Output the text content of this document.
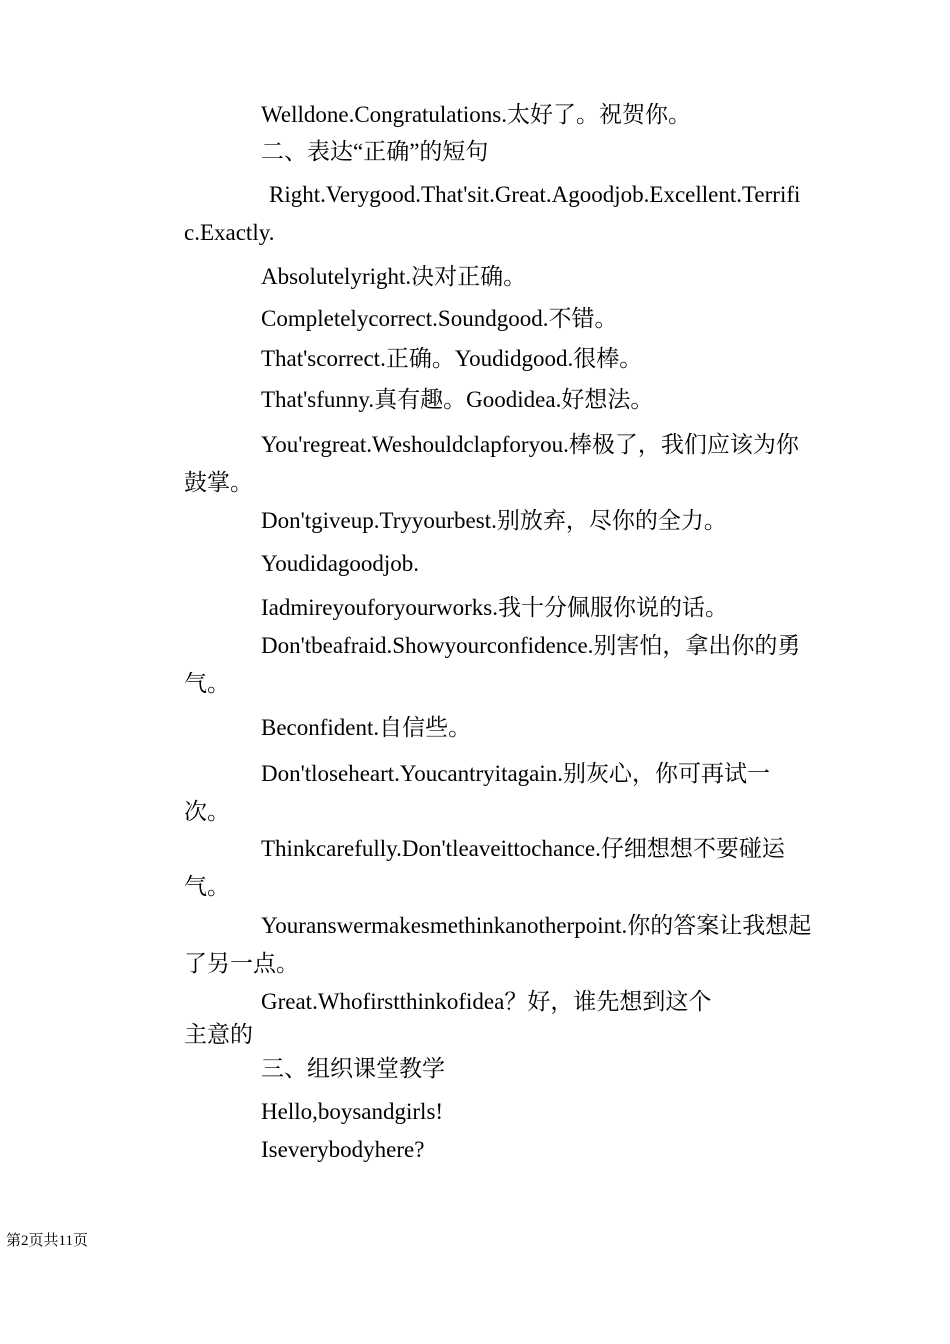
Welldone.Congratulations.太好了。祝贺你。

二、表达“正确”的短句

Right.Verygood.That'sit.Great.Agoodjob.Excellent.Terrific.Exactly.

Absolutelyright.决对正确。

Completelycorrect.Soundgood.不错。

That'scorrect.正确。Youdidgood.很棒。

That'sfunny.真有趣。Goodidea.好想法。

You'regreat.Weshouldclapforyou.棒极了，我们应该为你鼓掌。

Don'tgiveup.Tryyourbest.别放弃，尽你的全力。

Youdidagoodjob.

Iadmireyouforyourworks.我十分佩服你说的话。

Don'tbeafraid.Showyourconfidence.别害怕，拿出你的勇气。

Beconfident.自信些。

Don'tloseheart.Youcantryitagain.别灰心，你可再试一次。

Thinkcarefully.Don'tleaveittochance.仔细想想不要碰运气。

Youranswermakesmethinkanotherpoint.你的答案让我想起了另一点。

Great.Whofirstthinkofidea？好，谁先想到这个

主意的

三、组织课堂教学

Hello,boysandgirls!

Iseverybodyhere?

第2页共11页
